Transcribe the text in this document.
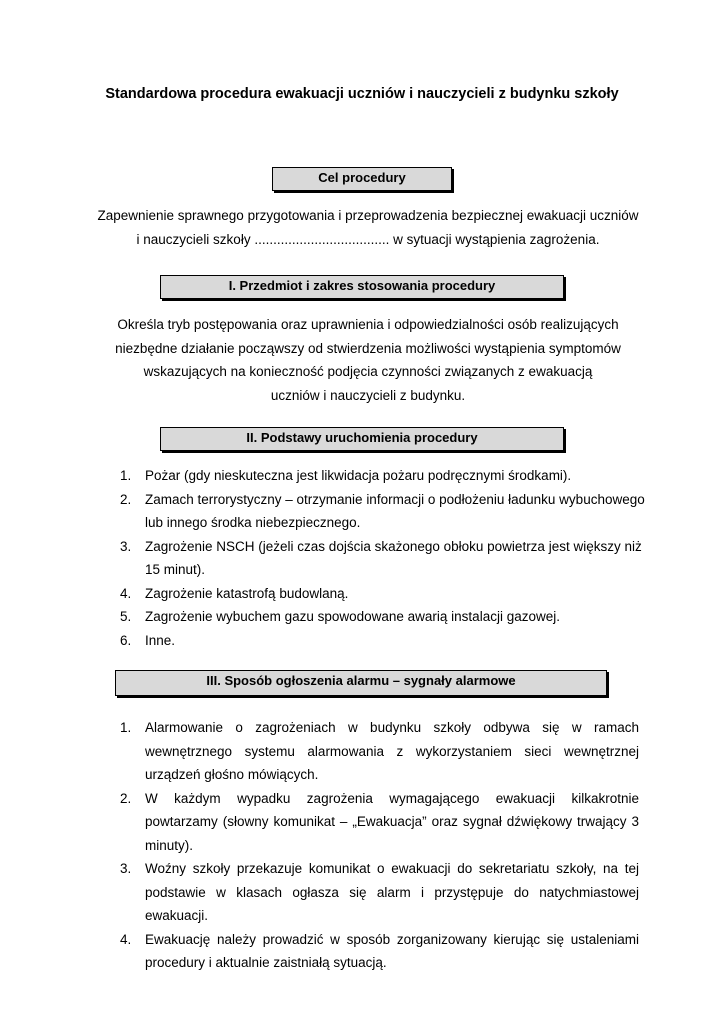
Standardowa procedura ewakuacji uczniów i nauczycieli z budynku szkoły
Cel procedury

Zapewnienie sprawnego przygotowania i przeprowadzenia bezpiecznej ewakuacji uczniów

i nauczycieli szkoły .................................... w sytuacji wystąpienia zagrożenia.

I. Przedmiot i zakres stosowania procedury

Określa tryb postępowania oraz uprawnienia i odpowiedzialności osób realizujących

niezbędne działanie począwszy od stwierdzenia możliwości wystąpienia symptomów

wskazujących na konieczność podjęcia czynności związanych z ewakuacją

uczniów i nauczycieli z budynku.

II. Podstawy uruchomienia procedury
1. Pożar (gdy nieskuteczna jest likwidacja pożaru podręcznymi środkami).
2. Zamach terrorystyczny – otrzymanie informacji o podłożeniu ładunku wybuchowego lub innego środka niebezpiecznego.
3. Zagrożenie NSCH (jeżeli czas dojścia skażonego obłoku powietrza jest większy niż 15 minut).
4. Zagrożenie katastrofą budowlaną.
5. Zagrożenie wybuchem gazu spowodowane awarią instalacji gazowej.
6. Inne.
III. Sposób ogłoszenia alarmu – sygnały alarmowe
1. Alarmowanie o zagrożeniach w budynku szkoły odbywa się w ramach wewnętrznego systemu alarmowania z wykorzystaniem sieci wewnętrznej urządzeń głośno mówiących.
2. W każdym wypadku zagrożenia wymagającego ewakuacji kilkakrotnie powtarzamy (słowny komunikat – „Ewakuacja” oraz sygnał dźwiękowy trwający 3 minuty).
3. Woźny szkoły przekazuje komunikat o ewakuacji do sekretariatu szkoły, na tej podstawie w klasach ogłasza się alarm i przystępuje do natychmiastowej ewakuacji.
4. Ewakuację należy prowadzić w sposób zorganizowany kierując się ustaleniami procedury i aktualnie zaistniałą sytuacją.
